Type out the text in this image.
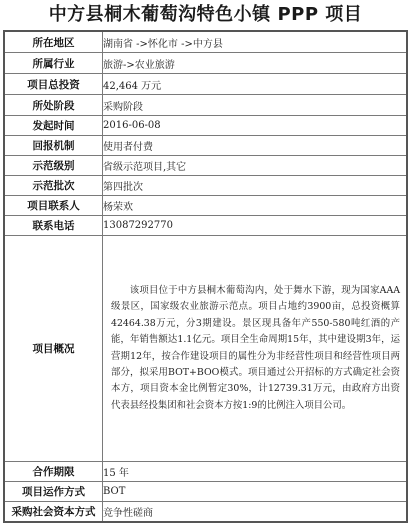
中方县桐木葡萄沟特色小镇 PPP 项目
所在地区	湖南省 ->怀化市 ->中方县
所属行业	旅游->农业旅游
项目总投资	42,464 万元
所处阶段	采购阶段
发起时间	2016-06-08
回报机制	使用者付费
示范级别	省级示范项目,其它
示范批次	第四批次
项目联系人	杨荣欢
联系电话	13087292770
项目概况	该项目位于中方县桐木葡萄沟内，处于舞水下游，现为国家AAA级景区，国家级农业旅游示范点。项目占地约3900亩，总投资概算42464.38万元，分3期建设。景区现具备年产550-580吨红酒的产能，年销售额达1.1亿元。项目全生命周期15年，其中建设期3年，运营期12年，按合作建设项目的属性分为非经营性项目和经营性项目两部分，拟采用BOT+BOO模式。项目通过公开招标的方式确定社会资本方，项目资本金比例暂定30%，计12739.31万元，由政府方出资代表县经投集团和社会资本方按1:9的比例注入项目公司。
合作期限	15 年
项目运作方式	BOT
采购社会资本方式	竞争性磋商
